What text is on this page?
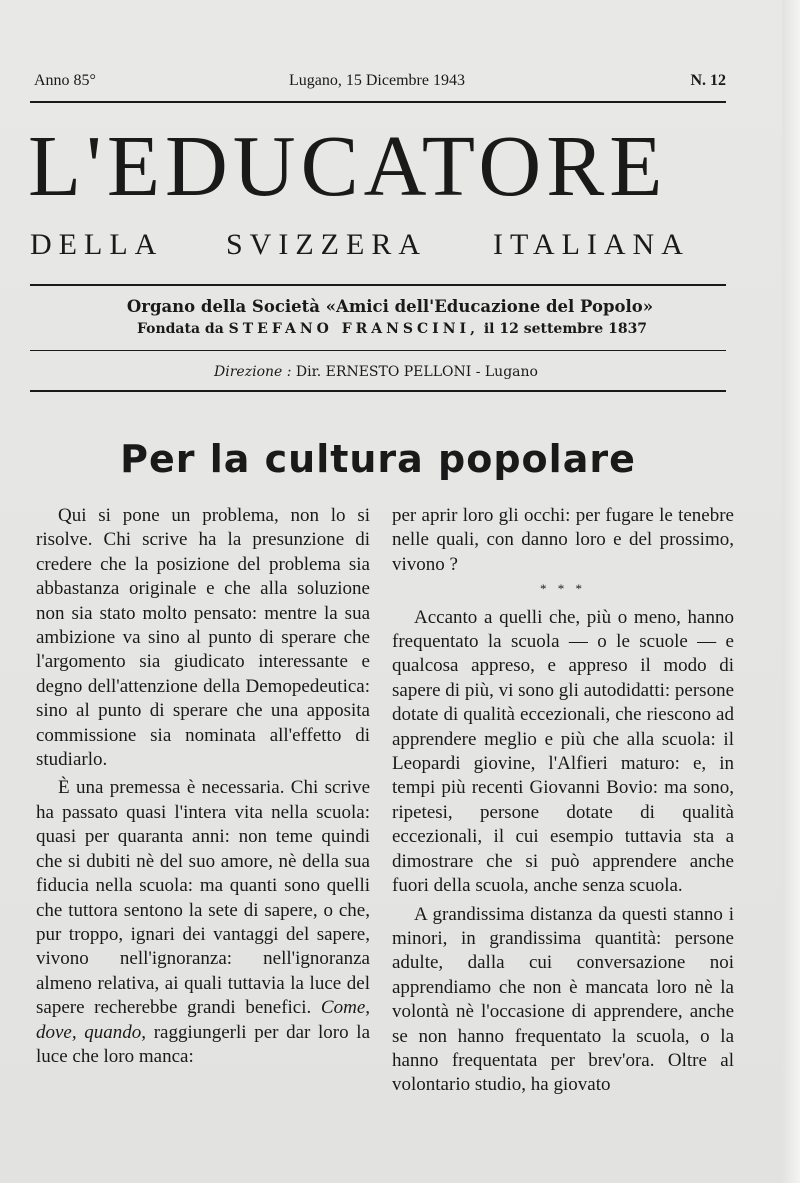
Anno 85°	Lugano, 15 Dicembre 1943	N. 12
L'EDUCATORE
DELLA SVIZZERA ITALIANA
Organo della Società «Amici dell'Educazione del Popolo»
Fondata da STEFANO FRANSCINI, il 12 settembre 1837
Direzione : Dir. ERNESTO PELLONI - Lugano
Per la cultura popolare

Qui si pone un problema, non lo si risolve. Chi scrive ha la presunzione di credere che la posizione del problema sia abbastanza originale e che alla soluzione non sia stato molto pensato: mentre la sua ambizione va sino al punto di sperare che l'argomento sia giudicato interessante e degno dell'attenzione della Demopedeutica: sino al punto di sperare che una apposita commissione sia nominata all'effetto di studiarlo.

È una premessa è necessaria. Chi scrive ha passato quasi l'intera vita nella scuola: quasi per quaranta anni: non teme quindi che si dubiti nè del suo amore, nè della sua fiducia nella scuola: ma quanti sono quelli che tuttora sentono la sete di sapere, o che, pur troppo, ignari dei vantaggi del sapere, vivono nell'ignoranza: nell'ignoranza almeno relativa, ai quali tuttavia la luce del sapere recherebbe grandi benefici. Come, dove, quando, raggiungerli per dar loro la luce che loro manca:

per aprir loro gli occhi: per fugare le tenebre nelle quali, con danno loro e del prossimo, vivono ?

* * *

Accanto a quelli che, più o meno, hanno frequentato la scuola — o le scuole — e qualcosa appreso, e appreso il modo di sapere di più, vi sono gli autodidatti: persone dotate di qualità eccezionali, che riescono ad apprendere meglio e più che alla scuola: il Leopardi giovine, l'Alfieri maturo: e, in tempi più recenti Giovanni Bovio: ma sono, ripetesi, persone dotate di qualità eccezionali, il cui esempio tuttavia sta a dimostrare che si può apprendere anche fuori della scuola, anche senza scuola.

A grandissima distanza da questi stanno i minori, in grandissima quantità: persone adulte, dalla cui conversazione noi apprendiamo che non è mancata loro nè la volontà nè l'occasione di apprendere, anche se non hanno frequentato la scuola, o la hanno frequentata per brev'ora. Oltre al volontario studio, ha giovato
